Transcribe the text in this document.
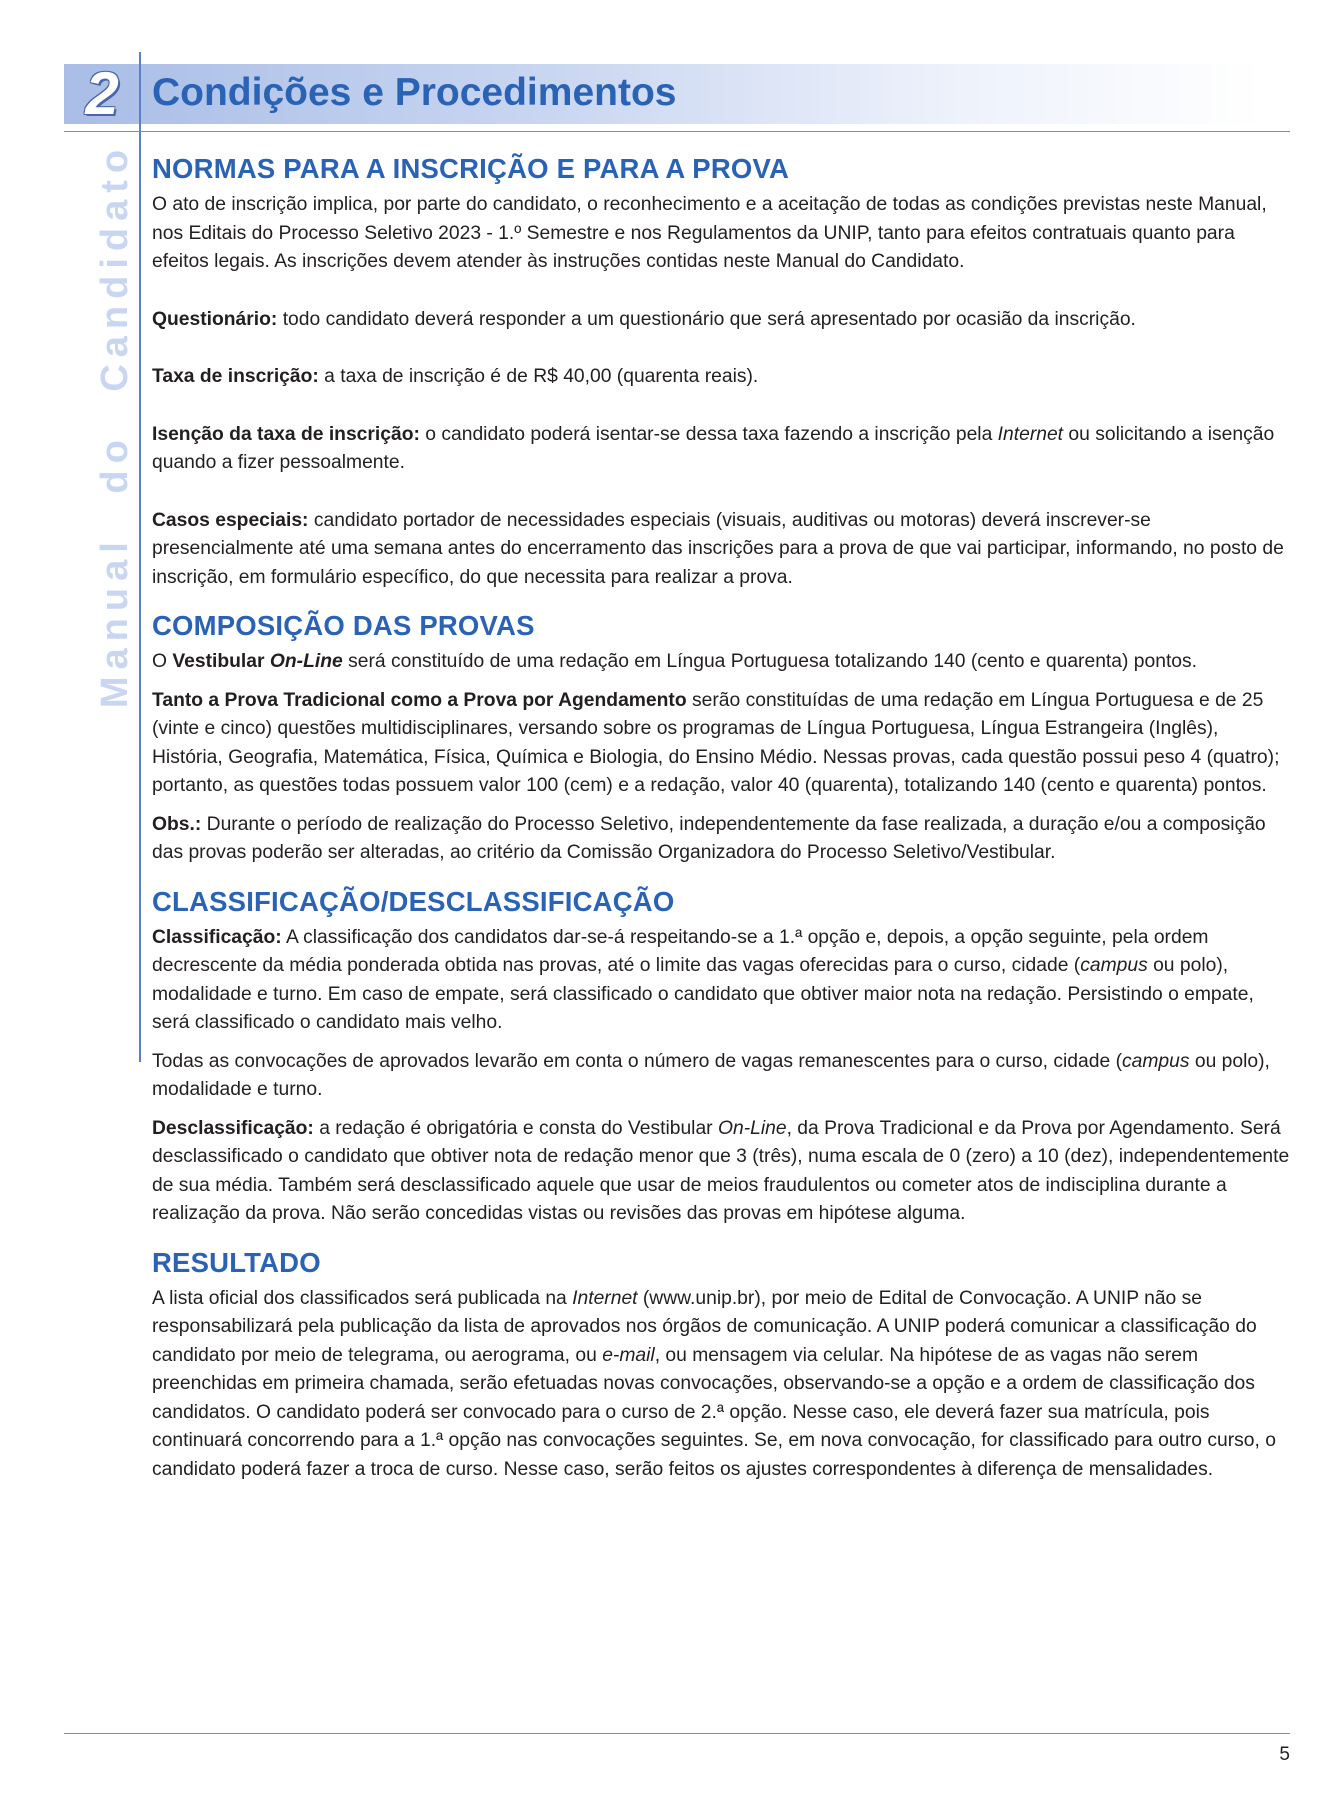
2 Condições e Procedimentos
Manual do Candidato NORMAS PARA A INSCRIÇÃO E PARA A PROVA

O ato de inscrição implica, por parte do candidato, o reconhecimento e a aceitação de todas as condições previstas neste Manual, nos Editais do Processo Seletivo 2023 - 1.º Semestre e nos Regulamentos da UNIP, tanto para efeitos contratuais quanto para efeitos legais. As inscrições devem atender às instruções contidas neste Manual do Candidato.

Questionário: todo candidato deverá responder a um questionário que será apresentado por ocasião da inscrição.

Taxa de inscrição: a taxa de inscrição é de R$ 40,00 (quarenta reais).

Isenção da taxa de inscrição: o candidato poderá isentar-se dessa taxa fazendo a inscrição pela Internet ou solicitando a isenção quando a fizer pessoalmente.

Casos especiais: candidato portador de necessidades especiais (visuais, auditivas ou motoras) deverá inscrever-se presencialmente até uma semana antes do encerramento das inscrições para a prova de que vai participar, informando, no posto de inscrição, em formulário específico, do que necessita para realizar a prova.

COMPOSIÇÃO DAS PROVAS

O Vestibular On-Line será constituído de uma redação em Língua Portuguesa totalizando 140 (cento e quarenta) pontos.

Tanto a Prova Tradicional como a Prova por Agendamento serão constituídas de uma redação em Língua Portuguesa e de 25 (vinte e cinco) questões multidisciplinares, versando sobre os programas de Língua Portuguesa, Língua Estrangeira (Inglês), História, Geografia, Matemática, Física, Química e Biologia, do Ensino Médio. Nessas provas, cada questão possui peso 4 (quatro); portanto, as questões todas possuem valor 100 (cem) e a redação, valor 40 (quarenta), totalizando 140 (cento e quarenta) pontos.

Obs.: Durante o período de realização do Processo Seletivo, independentemente da fase realizada, a duração e/ou a composição das provas poderão ser alteradas, ao critério da Comissão Organizadora do Processo Seletivo/Vestibular.

CLASSIFICAÇÃO/DESCLASSIFICAÇÃO

Classificação: A classificação dos candidatos dar-se-á respeitando-se a 1.ª opção e, depois, a opção seguinte, pela ordem decrescente da média ponderada obtida nas provas, até o limite das vagas oferecidas para o curso, cidade (campus ou polo), modalidade e turno. Em caso de empate, será classificado o candidato que obtiver maior nota na redação. Persistindo o empate, será classificado o candidato mais velho.

Todas as convocações de aprovados levarão em conta o número de vagas remanescentes para o curso, cidade (campus ou polo), modalidade e turno.

Desclassificação: a redação é obrigatória e consta do Vestibular On-Line, da Prova Tradicional e da Prova por Agendamento. Será desclassificado o candidato que obtiver nota de redação menor que 3 (três), numa escala de 0 (zero) a 10 (dez), independentemente de sua média. Também será desclassificado aquele que usar de meios fraudulentos ou cometer atos de indisciplina durante a realização da prova. Não serão concedidas vistas ou revisões das provas em hipótese alguma.

RESULTADO

A lista oficial dos classificados será publicada na Internet (www.unip.br), por meio de Edital de Convocação. A UNIP não se responsabilizará pela publicação da lista de aprovados nos órgãos de comunicação. A UNIP poderá comunicar a classificação do candidato por meio de telegrama, ou aerograma, ou e-mail, ou mensagem via celular. Na hipótese de as vagas não serem preenchidas em primeira chamada, serão efetuadas novas convocações, observando-se a opção e a ordem de classificação dos candidatos. O candidato poderá ser convocado para o curso de 2.ª opção. Nesse caso, ele deverá fazer sua matrícula, pois continuará concorrendo para a 1.ª opção nas convocações seguintes. Se, em nova convocação, for classificado para outro curso, o candidato poderá fazer a troca de curso. Nesse caso, serão feitos os ajustes correspondentes à diferença de mensalidades.

5
